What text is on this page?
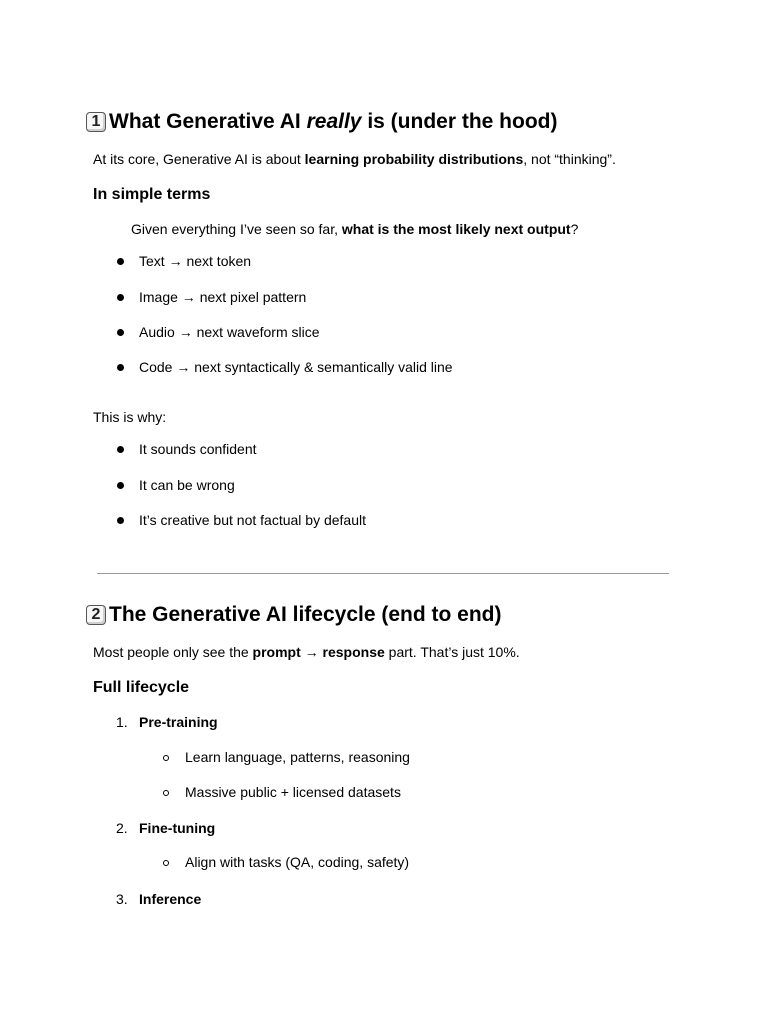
1 What Generative AI really is (under the hood)
At its core, Generative AI is about learning probability distributions, not “thinking”.
In simple terms
Given everything I’ve seen so far, what is the most likely next output?
Text → next token
Image → next pixel pattern
Audio → next waveform slice
Code → next syntactically & semantically valid line
This is why:
It sounds confident
It can be wrong
It’s creative but not factual by default
2 The Generative AI lifecycle (end to end)
Most people only see the prompt → response part. That’s just 10%.
Full lifecycle
1. Pre-training
Learn language, patterns, reasoning
Massive public + licensed datasets
2. Fine-tuning
Align with tasks (QA, coding, safety)
3. Inference
